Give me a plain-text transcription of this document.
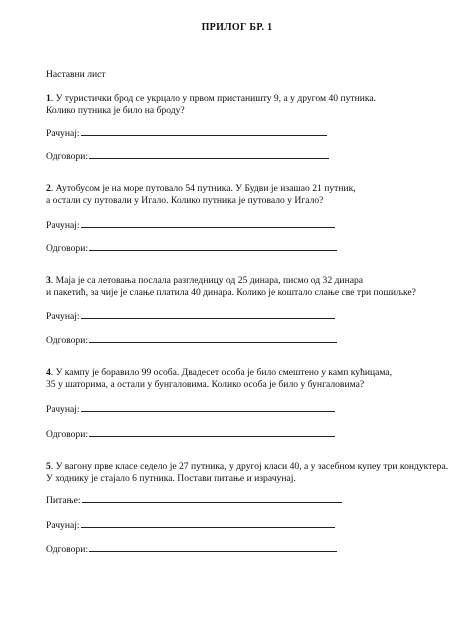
ПРИЛОГ БР. 1
Наставни лист

1. У туристички брод се укрцало у првом пристаништу 9, а у другом 40 путника.

Колико путника је било на броду?

Рачунај:
Одговори:

2. Аутобусом је на море путовало 54 путника. У Будви је изашао 21 путник,

а остали су путовали у Игало. Колико путника је путовало у Игало?

Рачунај:
Одговори:

3. Маја је са летовања послала разгледницу од 25 динара, писмо од 32 динара

и пакетић, за чије је слање платила 40 динара. Колико је коштало слање све три пошиљке?

Рачунај:
Одговори:

4. У кампу је боравило 99 особа. Двадесет особа је било смештено у камп кућицама,

35 у шаторима, а остали у бунгаловима. Колико особа је било у бунгаловима?

Рачунај:
Одговори:

5. У вагону прве класе седело је 27 путника, у другој класи 40, а у засебном купеу три кондуктера.

У ходнику је стајало 6 путника. Постави питање и израчунај.

Питање:
Рачунај:
Одговори:
